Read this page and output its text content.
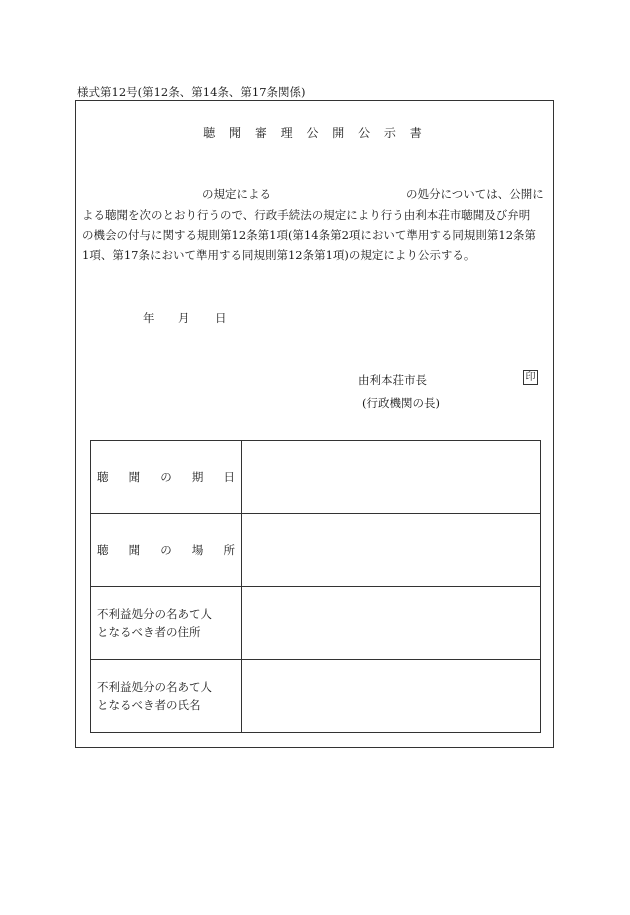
様式第12号(第12条、第14条、第17条関係)
聴 聞 審 理 公 開 公 示 書
の規定による	の処分については、公開に
よる聴聞を次のとおり行うので、行政手続法の規定により行う由利本荘市聴聞及び弁明
の機会の付与に関する規則第12条第1項(第14条第2項において準用する同規則第12条第
1項、第17条において準用する同規則第12条第1項)の規定により公示する。
年 月 日
由利本荘市長	印
(行政機関の長)
聴 聞 の 期 日	

聴 聞 の 場 所	

不利益処分の名あて人
となるべき者の住所	

不利益処分の名あて人
となるべき者の氏名	
